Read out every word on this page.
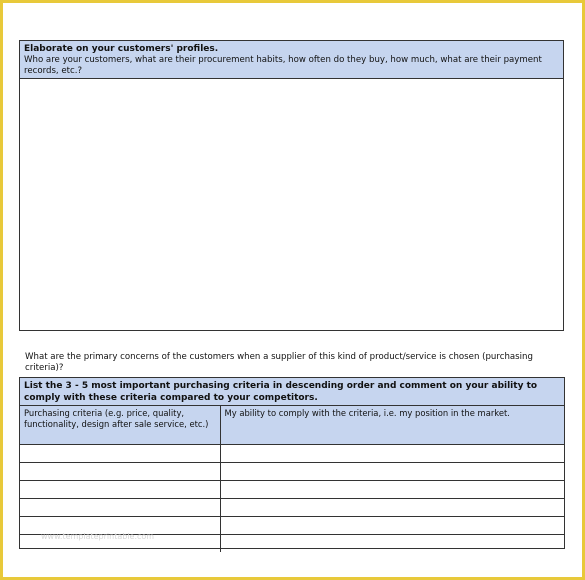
Elaborate on your customers' profiles.
Who are your customers, what are their procurement habits, how often do they buy, how much, what are their payment records, etc.?
What are the primary concerns of the customers when a supplier of this kind of product/service is chosen (purchasing criteria)?
List the 3 - 5 most important purchasing criteria in descending order and comment on your ability to comply with these criteria compared to your competitors.
Purchasing criteria (e.g. price, quality, functionality, design after sale service, etc.)	My ability to comply with the criteria, i.e. my position in the market.

www.templateprintable.com
